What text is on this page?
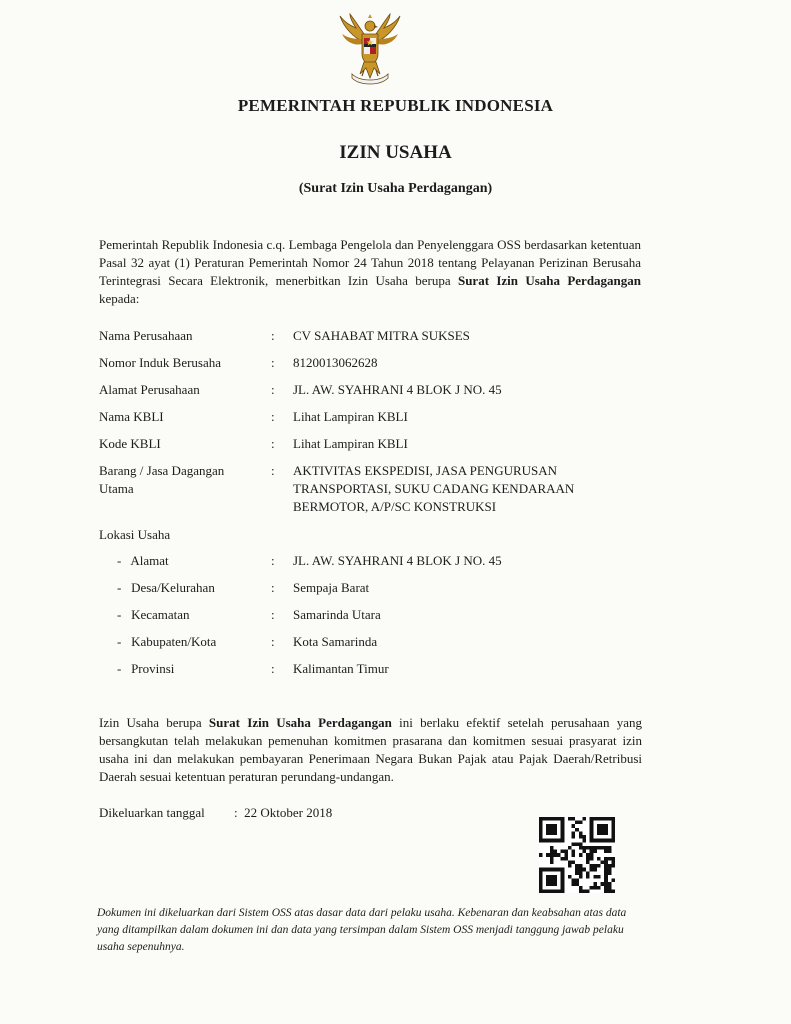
PEMERINTAH REPUBLIK INDONESIA
IZIN USAHA
(Surat Izin Usaha Perdagangan)

Pemerintah Republik Indonesia c.q. Lembaga Pengelola dan Penyelenggara OSS berdasarkan ketentuan Pasal 32 ayat (1) Peraturan Pemerintah Nomor 24 Tahun 2018 tentang Pelayanan Perizinan Berusaha Terintegrasi Secara Elektronik, menerbitkan Izin Usaha berupa Surat Izin Usaha Perdagangan kepada:

Nama Perusahaan	: CV SAHABAT MITRA SUKSES
Nomor Induk Berusaha	: 8120013062628
Alamat Perusahaan	: JL. AW. SYAHRANI 4 BLOK J NO. 45
Nama KBLI	: Lihat Lampiran KBLI
Kode KBLI	: Lihat Lampiran KBLI
Barang / Jasa Dagangan Utama
: AKTIVITAS EKSPEDISI, JASA PENGURUSAN TRANSPORTASI, SUKU CADANG KENDARAAN BERMOTOR, A/P/SC KONSTRUKSI
Lokasi Usaha
-   Alamat	: JL. AW. SYAHRANI 4 BLOK J NO. 45
-   Desa/Kelurahan	: Sempaja Barat
-   Kecamatan	: Samarinda Utara
-   Kabupaten/Kota	: Kota Samarinda
-   Provinsi	: Kalimantan Timur

Izin Usaha berupa Surat Izin Usaha Perdagangan ini berlaku efektif setelah perusahaan yang bersangkutan telah melakukan pemenuhan komitmen prasarana dan komitmen sesuai prasyarat izin usaha ini dan melakukan pembayaran Penerimaan Negara Bukan Pajak atau Pajak Daerah/Retribusi Daerah sesuai ketentuan peraturan perundang-undangan.

Dikeluarkan tanggal	:  22 Oktober 2018

Dokumen ini dikeluarkan dari Sistem OSS atas dasar data dari pelaku usaha. Kebenaran dan keabsahan atas data yang ditampilkan dalam dokumen ini dan data yang tersimpan dalam Sistem OSS menjadi tanggung jawab pelaku usaha sepenuhnya.
